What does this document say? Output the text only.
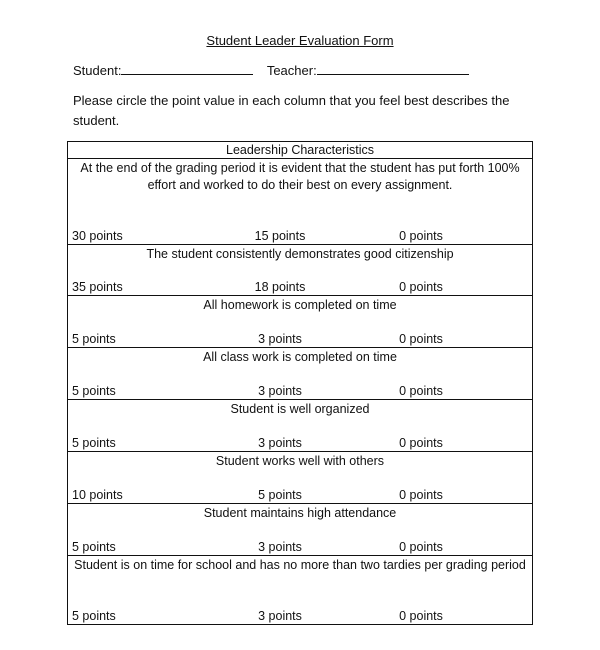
Student Leader Evaluation Form
Student:	Teacher:
Please circle the point value in each column that you feel best describes the student.
Leadership Characteristics

At the end of the grading period it is evident that the student has put forth 100% effort and worked to do their best on every assignment.
30 points	15 points	0 points

The student consistently demonstrates good citizenship
35 points	18 points	0 points

All homework is completed on time
5 points	3 points	0 points

All class work is completed on time
5 points	3 points	0 points

Student is well organized
5 points	3 points	0 points

Student works well with others
10 points	5 points	0 points

Student maintains high attendance
5 points	3 points	0 points

Student is on time for school and has no more than two tardies per grading period
5 points	3 points	0 points
